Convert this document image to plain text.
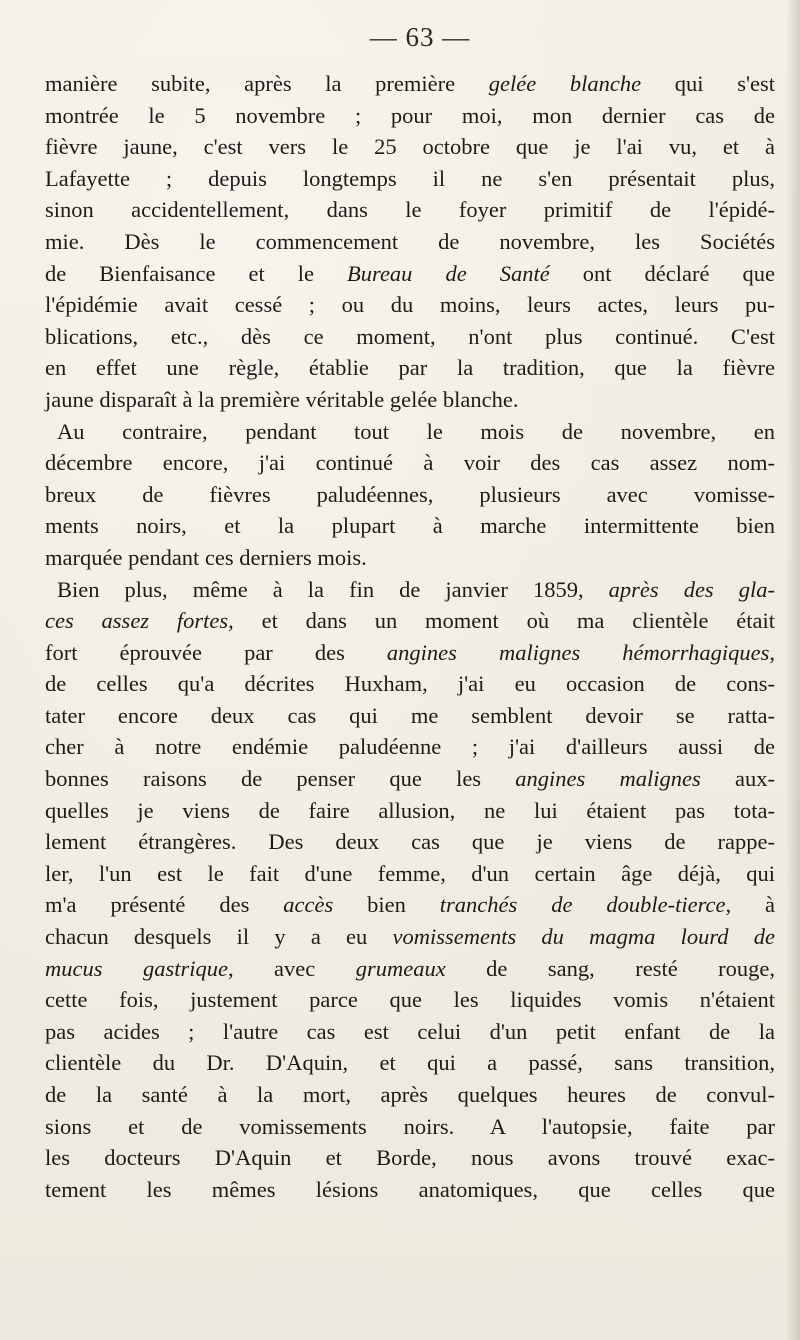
— 63 —
manière subite, après la première gelée blanche qui s'est
montrée le 5 novembre ; pour moi, mon dernier cas de
fièvre jaune, c'est vers le 25 octobre que je l'ai vu, et à
Lafayette ; depuis longtemps il ne s'en présentait plus,
sinon accidentellement, dans le foyer primitif de l'épidé-
mie. Dès le commencement de novembre, les Sociétés
de Bienfaisance et le Bureau de Santé ont déclaré que
l'épidémie avait cessé ; ou du moins, leurs actes, leurs pu-
blications, etc., dès ce moment, n'ont plus continué. C'est
en effet une règle, établie par la tradition, que la fièvre
jaune disparaît à la première véritable gelée blanche.
Au contraire, pendant tout le mois de novembre, en
décembre encore, j'ai continué à voir des cas assez nom-
breux de fièvres paludéennes, plusieurs avec vomisse-
ments noirs, et la plupart à marche intermittente bien
marquée pendant ces derniers mois.
Bien plus, même à la fin de janvier 1859, après des gla-
ces assez fortes, et dans un moment où ma clientèle était
fort éprouvée par des angines malignes hémorrhagiques,
de celles qu'a décrites Huxham, j'ai eu occasion de cons-
tater encore deux cas qui me semblent devoir se ratta-
cher à notre endémie paludéenne ; j'ai d'ailleurs aussi de
bonnes raisons de penser que les angines malignes aux-
quelles je viens de faire allusion, ne lui étaient pas tota-
lement étrangères. Des deux cas que je viens de rappe-
ler, l'un est le fait d'une femme, d'un certain âge déjà, qui
m'a présenté des accès bien tranchés de double-tierce, à
chacun desquels il y a eu vomissements du magma lourd de
mucus gastrique, avec grumeaux de sang, resté rouge,
cette fois, justement parce que les liquides vomis n'étaient
pas acides ; l'autre cas est celui d'un petit enfant de la
clientèle du Dr. D'Aquin, et qui a passé, sans transition,
de la santé à la mort, après quelques heures de convul-
sions et de vomissements noirs. A l'autopsie, faite par
les docteurs D'Aquin et Borde, nous avons trouvé exac-
tement les mêmes lésions anatomiques, que celles que
